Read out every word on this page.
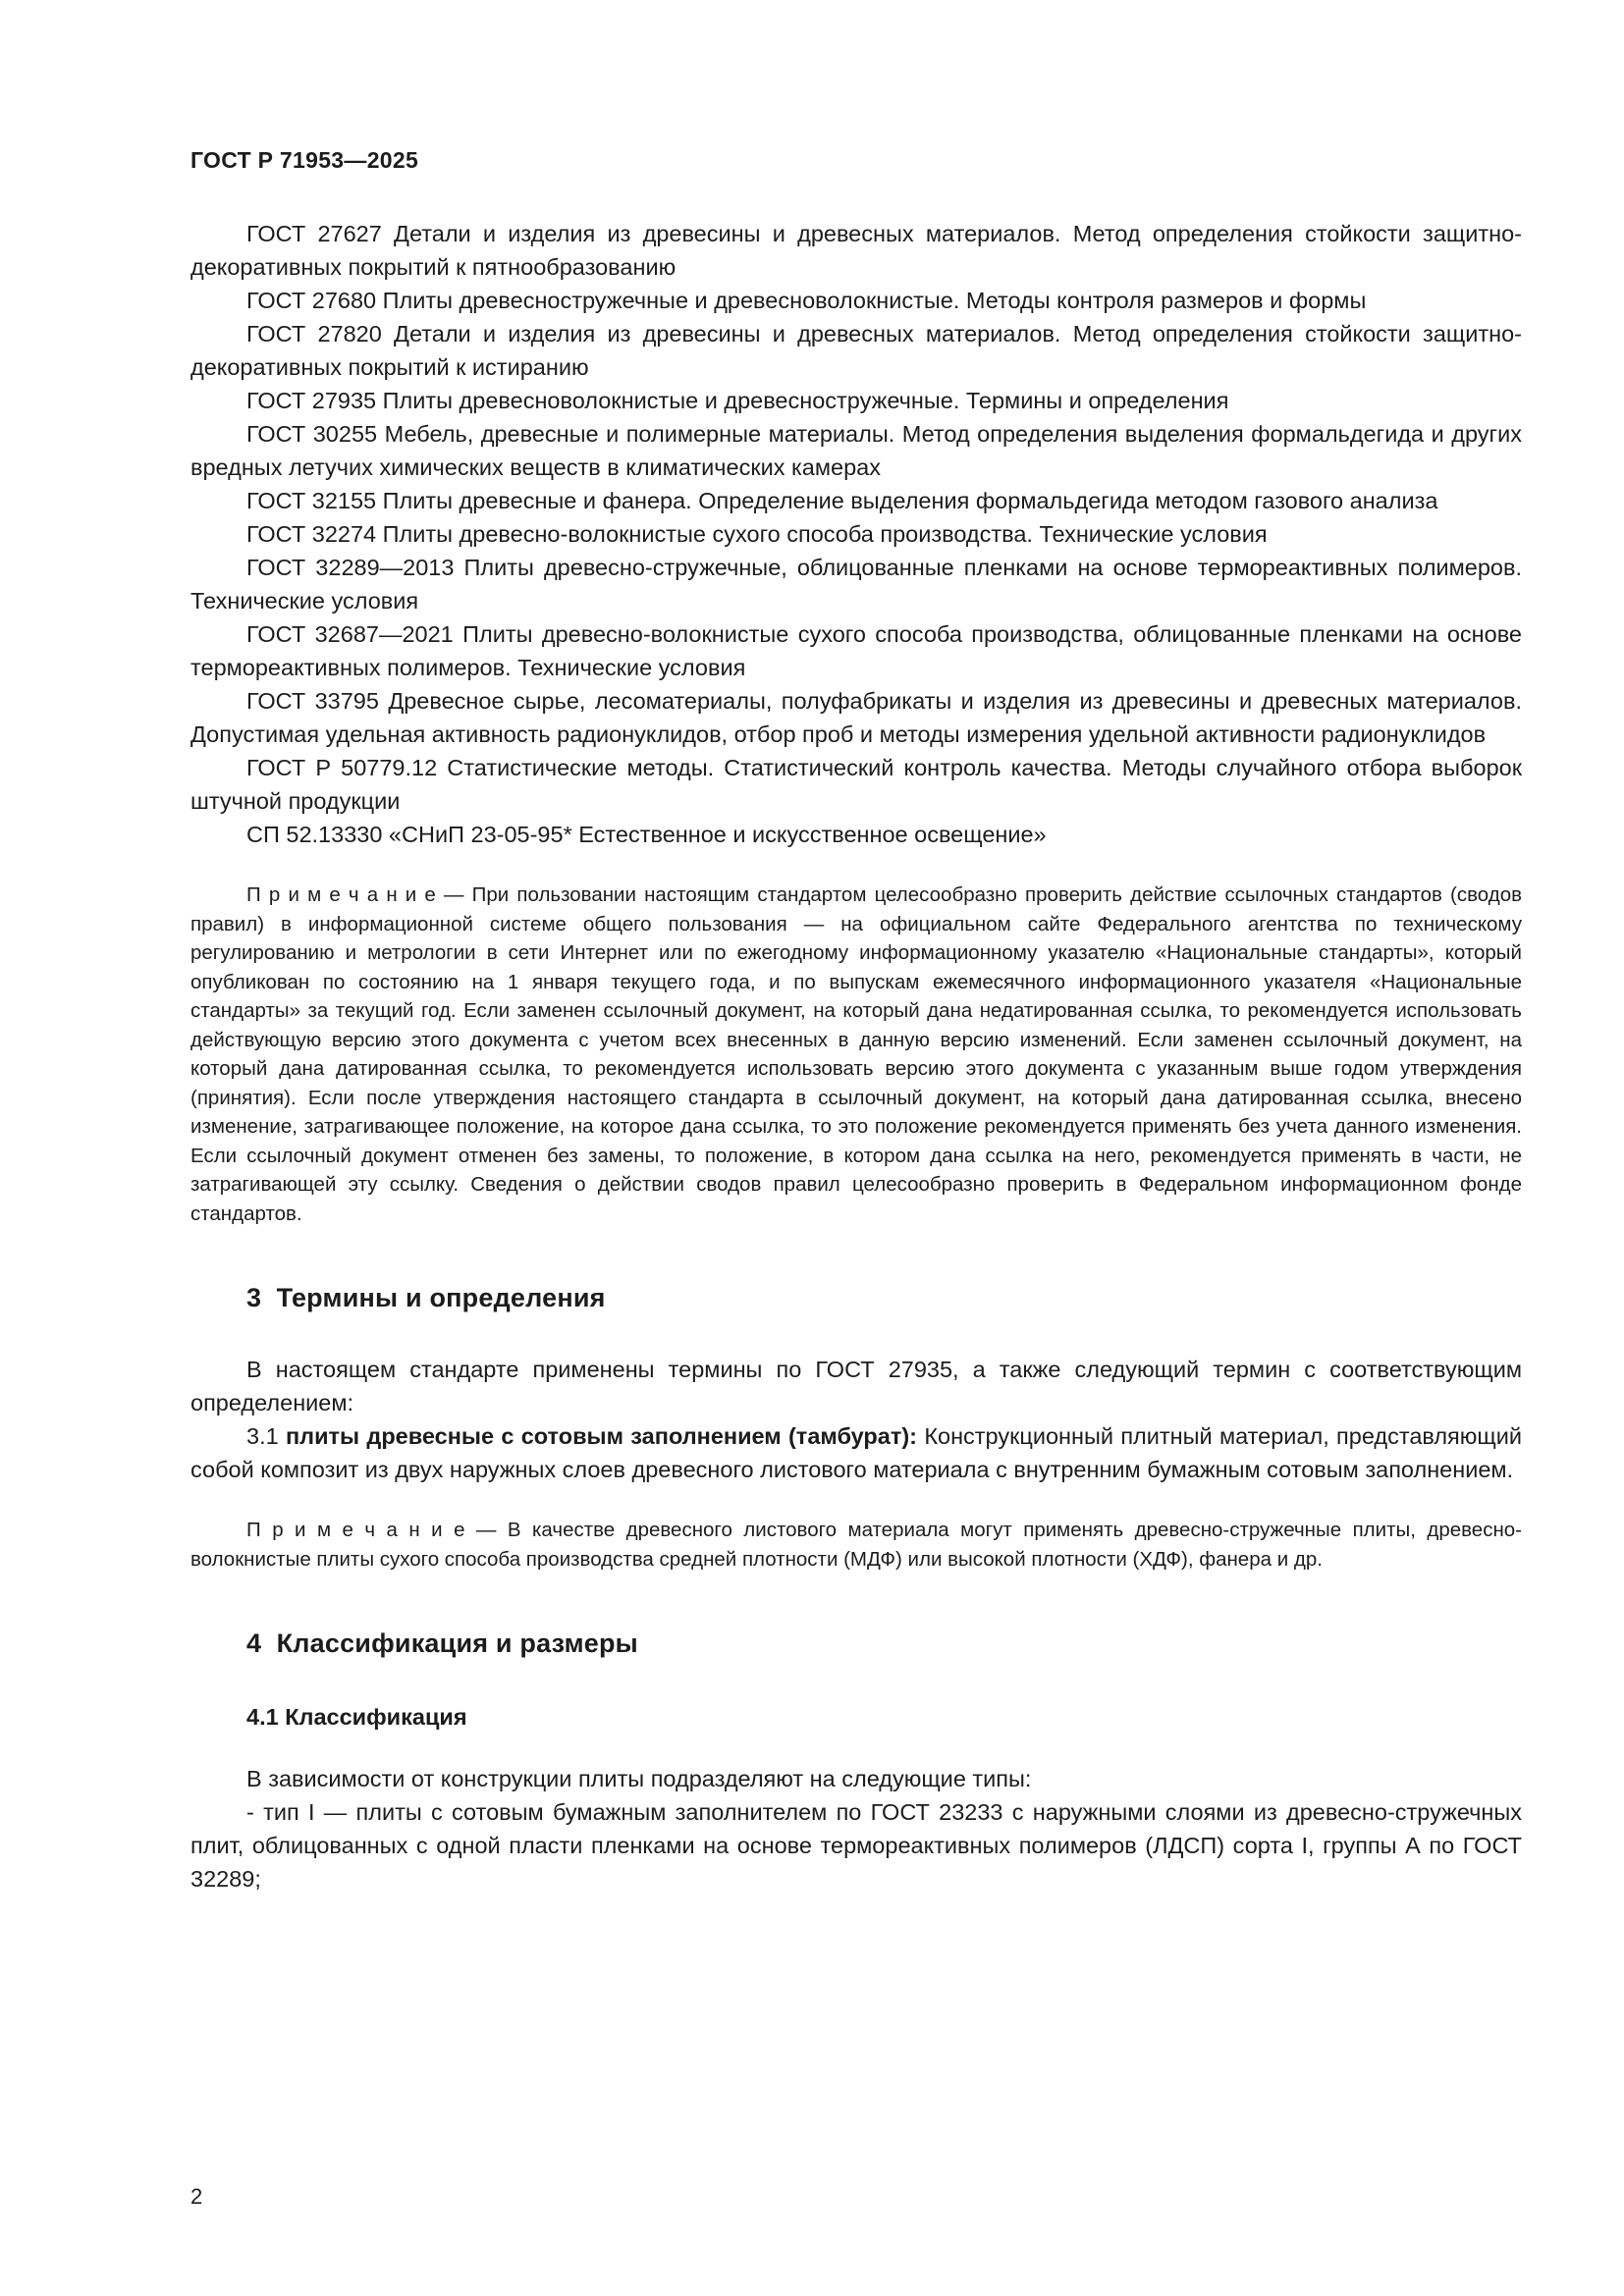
ГОСТ Р 71953—2025

ГОСТ 27627 Детали и изделия из древесины и древесных материалов. Метод определения стойкости защитно-декоративных покрытий к пятнообразованию

ГОСТ 27680 Плиты древесностружечные и древесноволокнистые. Методы контроля размеров и формы

ГОСТ 27820 Детали и изделия из древесины и древесных материалов. Метод определения стойкости защитно-декоративных покрытий к истиранию

ГОСТ 27935 Плиты древесноволокнистые и древесностружечные. Термины и определения

ГОСТ 30255 Мебель, древесные и полимерные материалы. Метод определения выделения формальдегида и других вредных летучих химических веществ в климатических камерах

ГОСТ 32155 Плиты древесные и фанера. Определение выделения формальдегида методом газового анализа

ГОСТ 32274 Плиты древесно-волокнистые сухого способа производства. Технические условия

ГОСТ 32289—2013 Плиты древесно-стружечные, облицованные пленками на основе термореактивных полимеров. Технические условия

ГОСТ 32687—2021 Плиты древесно-волокнистые сухого способа производства, облицованные пленками на основе термореактивных полимеров. Технические условия

ГОСТ 33795 Древесное сырье, лесоматериалы, полуфабрикаты и изделия из древесины и древесных материалов. Допустимая удельная активность радионуклидов, отбор проб и методы измерения удельной активности радионуклидов

ГОСТ Р 50779.12 Статистические методы. Статистический контроль качества. Методы случайного отбора выборок штучной продукции

СП 52.13330 «СНиП 23-05-95* Естественное и искусственное освещение»

П р и м е ч а н и е — При пользовании настоящим стандартом целесообразно проверить действие ссылочных стандартов (сводов правил) в информационной системе общего пользования — на официальном сайте Федерального агентства по техническому регулированию и метрологии в сети Интернет или по ежегодному информационному указателю «Национальные стандарты», который опубликован по состоянию на 1 января текущего года, и по выпускам ежемесячного информационного указателя «Национальные стандарты» за текущий год. Если заменен ссылочный документ, на который дана недатированная ссылка, то рекомендуется использовать действующую версию этого документа с учетом всех внесенных в данную версию изменений. Если заменен ссылочный документ, на который дана датированная ссылка, то рекомендуется использовать версию этого документа с указанным выше годом утверждения (принятия). Если после утверждения настоящего стандарта в ссылочный документ, на который дана датированная ссылка, внесено изменение, затрагивающее положение, на которое дана ссылка, то это положение рекомендуется применять без учета данного изменения. Если ссылочный документ отменен без замены, то положение, в котором дана ссылка на него, рекомендуется применять в части, не затрагивающей эту ссылку. Сведения о действии сводов правил целесообразно проверить в Федеральном информационном фонде стандартов.

3  Термины и определения

В настоящем стандарте применены термины по ГОСТ 27935, а также следующий термин с соответствующим определением:

3.1 плиты древесные с сотовым заполнением (тамбурат): Конструкционный плитный материал, представляющий собой композит из двух наружных слоев древесного листового материала с внутренним бумажным сотовым заполнением.

П р и м е ч а н и е — В качестве древесного листового материала могут применять древесно-стружечные плиты, древесно-волокнистые плиты сухого способа производства средней плотности (МДФ) или высокой плотности (ХДФ), фанера и др.

4  Классификация и размеры
4.1 Классификация

В зависимости от конструкции плиты подразделяют на следующие типы:

- тип I — плиты с сотовым бумажным заполнителем по ГОСТ 23233 с наружными слоями из древесно-стружечных плит, облицованных с одной пласти пленками на основе термореактивных полимеров (ЛДСП) сорта I, группы А по ГОСТ 32289;

2
